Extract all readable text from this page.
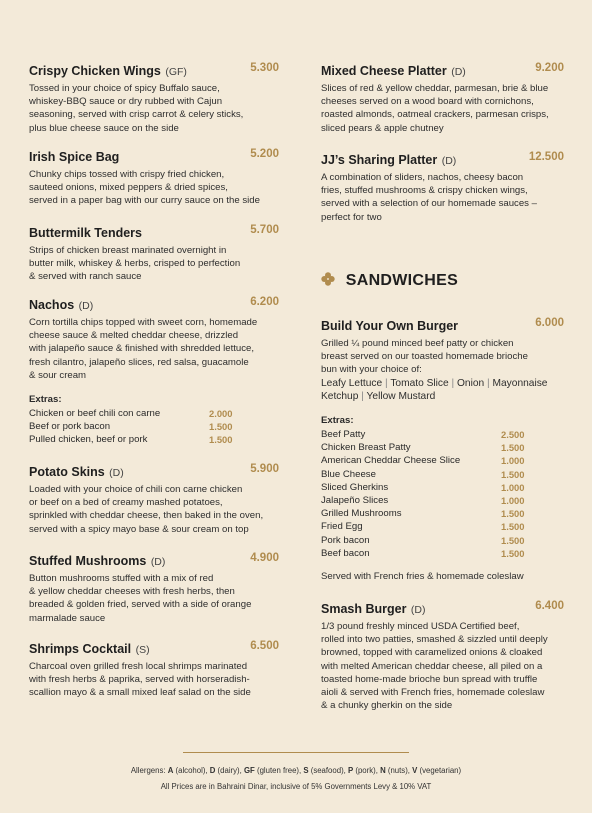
Crispy Chicken Wings (GF)	5.300
Tossed in your choice of spicy Buffalo sauce,
whiskey-BBQ sauce or dry rubbed with Cajun
seasoning, served with crisp carrot & celery sticks,
plus blue cheese sauce on the side
Irish Spice Bag	5.200
Chunky chips tossed with crispy fried chicken,
sauteed onions, mixed peppers & dried spices,
served in a paper bag with our curry sauce on the side
Buttermilk Tenders	5.700
Strips of chicken breast marinated overnight in
butter milk, whiskey & herbs, crisped to perfection
& served with ranch sauce
Nachos (D)	6.200
Corn tortilla chips topped with sweet corn, homemade
cheese sauce & melted cheddar cheese, drizzled
with jalapeño sauce & finished with shredded lettuce,
fresh cilantro, jalapeño slices, red salsa, guacamole
& sour cream
Extras:
Chicken or beef chili con carne	2.000
Beef or pork bacon	1.500
Pulled chicken, beef or pork	1.500
Potato Skins (D)	5.900
Loaded with your choice of chili con carne chicken
or beef on a bed of creamy mashed potatoes,
sprinkled with cheddar cheese, then baked in the oven,
served with a spicy mayo base & sour cream on top
Stuffed Mushrooms (D)	4.900
Button mushrooms stuffed with a mix of red
& yellow cheddar cheeses with fresh herbs, then
breaded & golden fried, served with a side of orange
marmalade sauce
Shrimps Cocktail (S)	6.500
Charcoal oven grilled fresh local shrimps marinated
with fresh herbs & paprika, served with horseradish-
scallion mayo & a small mixed leaf salad on the side
Mixed Cheese Platter (D)	9.200
Slices of red & yellow cheddar, parmesan, brie & blue
cheeses served on a wood board with cornichons,
roasted almonds, oatmeal crackers, parmesan crisps,
sliced pears & apple chutney
JJ’s Sharing Platter (D)	12.500
A combination of sliders, nachos, cheesy bacon
fries, stuffed mushrooms & crispy chicken wings,
served with a selection of our homemade sauces –
perfect for two
Build Your Own Burger	6.000
Grilled ¼ pound minced beef patty or chicken
breast served on our toasted homemade brioche
bun with your choice of:
Leafy Lettuce | Tomato Slice | Onion | Mayonnaise
Ketchup | Yellow Mustard
Extras:
Beef Patty	2.500
Chicken Breast Patty	1.500
American Cheddar Cheese Slice	1.000
Blue Cheese	1.500
Sliced Gherkins	1.000
Jalapeño Slices	1.000
Grilled Mushrooms	1.500
Fried Egg	1.500
Pork bacon	1.500
Beef bacon	1.500
Served with French fries & homemade coleslaw
Smash Burger (D)	6.400
1/3 pound freshly minced USDA Certified beef,
rolled into two patties, smashed & sizzled until deeply
browned, topped with caramelized onions & cloaked
with melted American cheddar cheese, all piled on a
toasted home-made brioche bun spread with truffle
aioli & served with French fries, homemade coleslaw
& a chunky gherkin on the side
SANDWICHES
Allergens: A (alcohol), D (dairy), GF (gluten free), S (seafood), P (pork), N (nuts), V (vegetarian)
All Prices are in Bahraini Dinar, inclusive of 5% Governments Levy & 10% VAT
